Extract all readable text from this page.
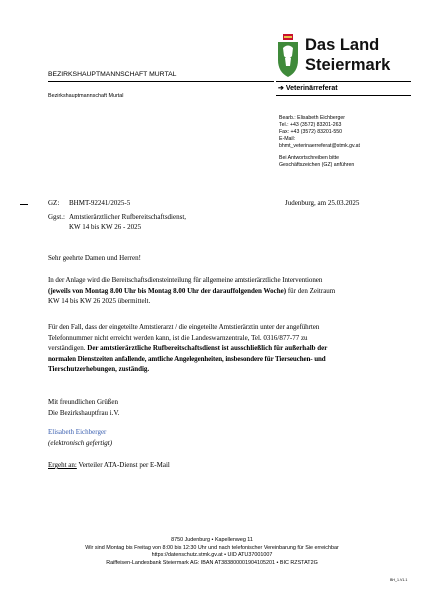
Das Land
Steiermark
BEZIRKSHAUPTMANNSCHAFT MURTAL
➔ Veterinärreferat
Bezirkshauptmannschaft Murtal
Bearb.: Elisabeth Eichberger
Tel.: +43 (3572) 83201-263
Fax: +43 (3572) 83201-550
E-Mail:
bhmt_veterinaerreferat@stmk.gv.at
Bei Antwortschreiben bitte
Geschäftszeichen (GZ) anführen
GZ: BHMT-92241/2025-5	Judenburg, am 25.03.2025
Ggst.: Amtstierärztlicher Rufbereitschaftsdienst,
KW 14 bis KW 26 - 2025
Sehr geehrte Damen und Herren!
In der Anlage wird die Bereitschaftsdiensteinteilung für allgemeine amtstierärztliche Interventionen
(jeweils von Montag 8.00 Uhr bis Montag 8.00 Uhr der darauffolgenden Woche) für den Zeitraum
KW 14 bis KW 26 2025 übermittelt.
Für den Fall, dass der eingeteilte Amtstierarzt / die eingeteilte Amtstierärztin unter der angeführten
Telefonnummer nicht erreicht werden kann, ist die Landeswarnzentrale, Tel. 0316/877-77 zu
verständigen. Der amtstierärztliche Rufbereitschaftsdienst ist ausschließlich für außerhalb der
normalen Dienstzeiten anfallende, amtliche Angelegenheiten, insbesondere für Tierseuchen- und
Tierschutzerhebungen, zuständig.
Mit freundlichen Grüßen
Die Bezirkshauptfrau i.V.
Elisabeth Eichberger
(elektronisch gefertigt)
Ergeht an: Verteiler ATA-Dienst per E-Mail
8750 Judenburg • Kapellenweg 11
Wir sind Montag bis Freitag von 8:00 bis 12:30 Uhr und nach telefonischer Vereinbarung für Sie erreichbar
https://datenschutz.stmk.gv.at • UID ATU37001007
Raiffeisen-Landesbank Steiermark AG: IBAN AT383800001904105201 • BIC RZSTAT2G
BH_1.V1.1
